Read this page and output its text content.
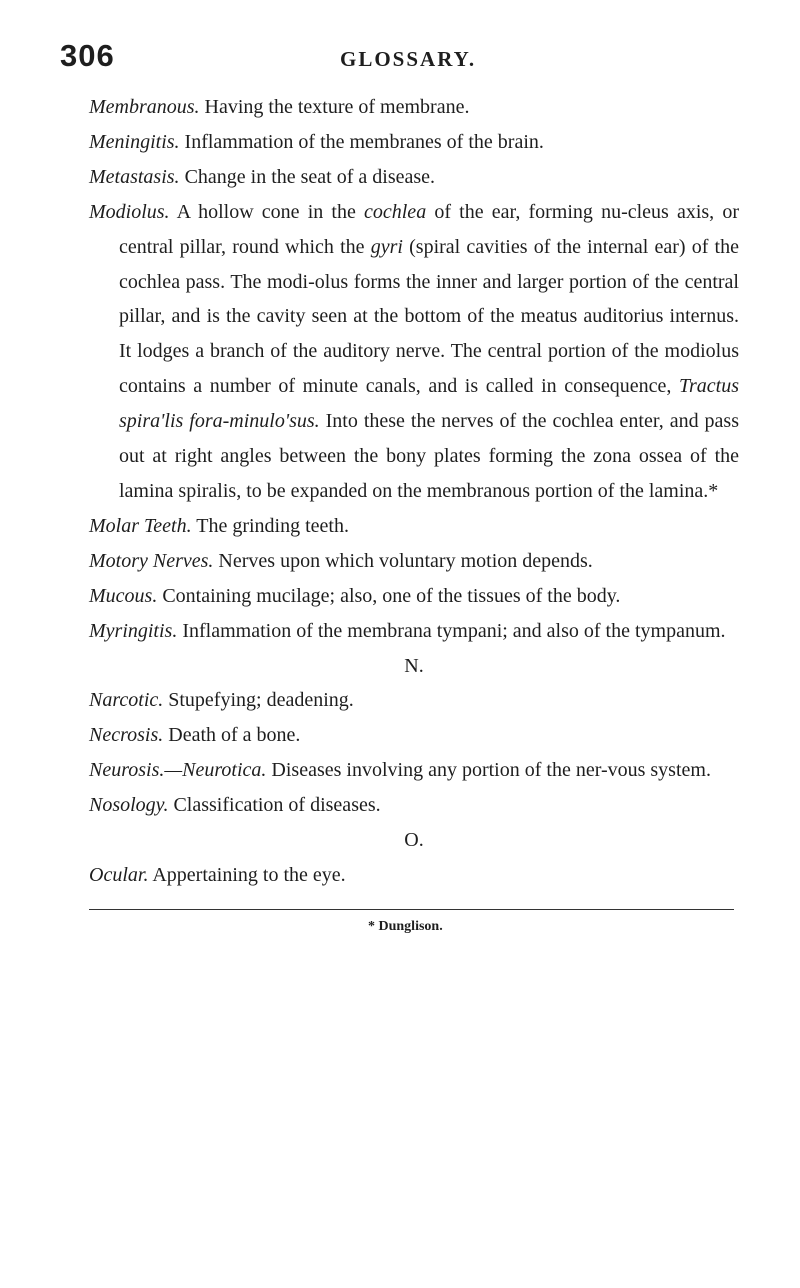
306	GLOSSARY.

Membranous. Having the texture of membrane.

Meningitis. Inflammation of the membranes of the brain.

Metastasis. Change in the seat of a disease.

Modiolus. A hollow cone in the cochlea of the ear, forming nu-cleus axis, or central pillar, round which the gyri (spiral cavities of the internal ear) of the cochlea pass. The modi-olus forms the inner and larger portion of the central pillar, and is the cavity seen at the bottom of the meatus auditorius internus. It lodges a branch of the auditory nerve. The central portion of the modiolus contains a number of minute canals, and is called in consequence, Tractus spira'lis fora-minulo'sus. Into these the nerves of the cochlea enter, and pass out at right angles between the bony plates forming the zona ossea of the lamina spiralis, to be expanded on the membranous portion of the lamina.*

Molar Teeth. The grinding teeth.

Motory Nerves. Nerves upon which voluntary motion depends.

Mucous. Containing mucilage; also, one of the tissues of the body.

Myringitis. Inflammation of the membrana tympani; and also of the tympanum.

N.

Narcotic. Stupefying; deadening.

Necrosis. Death of a bone.

Neurosis.—Neurotica. Diseases involving any portion of the ner-vous system.

Nosology. Classification of diseases.

O.

Ocular. Appertaining to the eye.

* Dunglison.
